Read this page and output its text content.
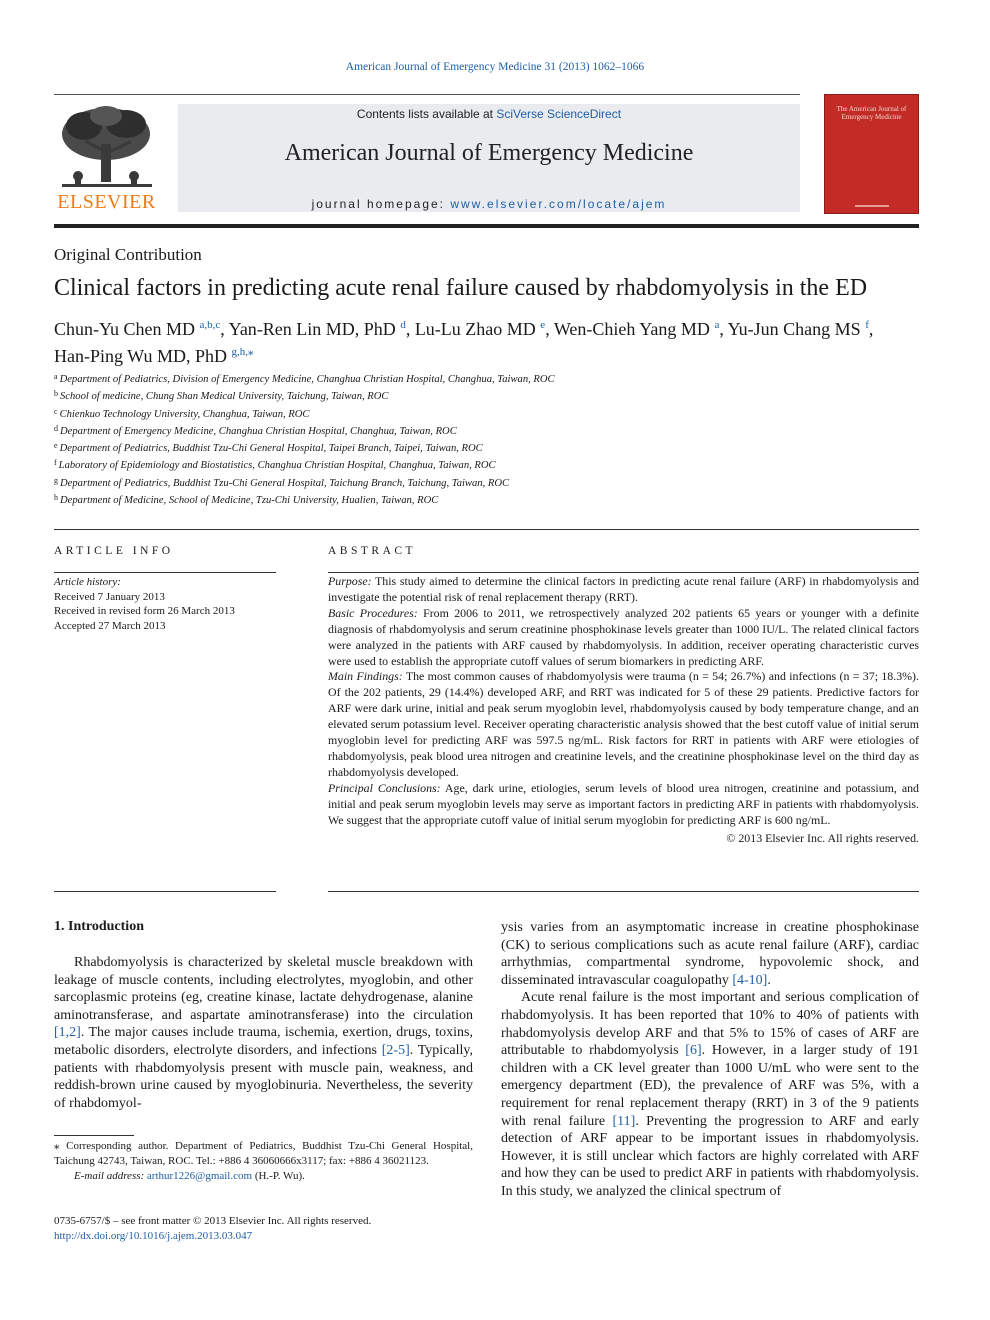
American Journal of Emergency Medicine 31 (2013) 1062–1066
ELSEVIER
Contents lists available at SciVerse ScienceDirect
American Journal of Emergency Medicine
journal homepage: www.elsevier.com/locate/ajem
The American Journal of Emergency Medicine
Original Contribution
Clinical factors in predicting acute renal failure caused by rhabdomyolysis in the ED
Chun-Yu Chen MD $^{a,b,c}$, Yan-Ren Lin MD, PhD $^d$, Lu-Lu Zhao MD $^e$, Wen-Chieh Yang MD $^a$, Yu-Jun Chang MS $^f$,
Han-Ping Wu MD, PhD $^{g,h,⁎}$
$^a$ Department of Pediatrics, Division of Emergency Medicine, Changhua Christian Hospital, Changhua, Taiwan, ROC
$^b$ School of medicine, Chung Shan Medical University, Taichung, Taiwan, ROC
$^c$ Chienkuo Technology University, Changhua, Taiwan, ROC
$^d$ Department of Emergency Medicine, Changhua Christian Hospital, Changhua, Taiwan, ROC
$^e$ Department of Pediatrics, Buddhist Tzu-Chi General Hospital, Taipei Branch, Taipei, Taiwan, ROC
$^f$ Laboratory of Epidemiology and Biostatistics, Changhua Christian Hospital, Changhua, Taiwan, ROC
$^g$ Department of Pediatrics, Buddhist Tzu-Chi General Hospital, Taichung Branch, Taichung, Taiwan, ROC
$^h$ Department of Medicine, School of Medicine, Tzu-Chi University, Hualien, Taiwan, ROC
ARTICLE INFO
Article history:
Received 7 January 2013
Received in revised form 26 March 2013
Accepted 27 March 2013
ABSTRACT

Purpose: This study aimed to determine the clinical factors in predicting acute renal failure (ARF) in rhabdomyolysis and investigate the potential risk of renal replacement therapy (RRT).

Basic Procedures: From 2006 to 2011, we retrospectively analyzed 202 patients 65 years or younger with a definite diagnosis of rhabdomyolysis and serum creatinine phosphokinase levels greater than 1000 IU/L. The related clinical factors were analyzed in the patients with ARF caused by rhabdomyolysis. In addition, receiver operating characteristic curves were used to establish the appropriate cutoff values of serum biomarkers in predicting ARF.

Main Findings: The most common causes of rhabdomyolysis were trauma (n = 54; 26.7%) and infections (n = 37; 18.3%). Of the 202 patients, 29 (14.4%) developed ARF, and RRT was indicated for 5 of these 29 patients. Predictive factors for ARF were dark urine, initial and peak serum myoglobin level, rhabdomyolysis caused by body temperature change, and an elevated serum potassium level. Receiver operating characteristic analysis showed that the best cutoff value of initial serum myoglobin level for predicting ARF was 597.5 ng/mL. Risk factors for RRT in patients with ARF were etiologies of rhabdomyolysis, peak blood urea nitrogen and creatinine levels, and the creatinine phosphokinase level on the third day as rhabdomyolysis developed.

Principal Conclusions: Age, dark urine, etiologies, serum levels of blood urea nitrogen, creatinine and potassium, and initial and peak serum myoglobin levels may serve as important factors in predicting ARF in patients with rhabdomyolysis. We suggest that the appropriate cutoff value of initial serum myoglobin for predicting ARF is 600 ng/mL.

© 2013 Elsevier Inc. All rights reserved.

1. Introduction

Rhabdomyolysis is characterized by skeletal muscle breakdown with leakage of muscle contents, including electrolytes, myoglobin, and other sarcoplasmic proteins (eg, creatine kinase, lactate dehydrogenase, alanine aminotransferase, and aspartate aminotransferase) into the circulation [1,2]. The major causes include trauma, ischemia, exertion, drugs, toxins, metabolic disorders, electrolyte disorders, and infections [2-5]. Typically, patients with rhabdomyolysis present with muscle pain, weakness, and reddish-brown urine caused by myoglobinuria. Nevertheless, the severity of rhabdomyol-

ysis varies from an asymptomatic increase in creatine phosphokinase (CK) to serious complications such as acute renal failure (ARF), cardiac arrhythmias, compartmental syndrome, hypovolemic shock, and disseminated intravascular coagulopathy [4-10].

Acute renal failure is the most important and serious complication of rhabdomyolysis. It has been reported that 10% to 40% of patients with rhabdomyolysis develop ARF and that 5% to 15% of cases of ARF are attributable to rhabdomyolysis [6]. However, in a larger study of 191 children with a CK level greater than 1000 U/mL who were sent to the emergency department (ED), the prevalence of ARF was 5%, with a requirement for renal replacement therapy (RRT) in 3 of the 9 patients with renal failure [11]. Preventing the progression to ARF and early detection of ARF appear to be important issues in rhabdomyolysis. However, it is still unclear which factors are highly correlated with ARF and how they can be used to predict ARF in patients with rhabdomyolysis. In this study, we analyzed the clinical spectrum of

⁎ Corresponding author. Department of Pediatrics, Buddhist Tzu-Chi General Hospital, Taichung 42743, Taiwan, ROC. Tel.: +886 4 36060666x3117; fax: +886 4 36021123.

E-mail address: arthur1226@gmail.com (H.-P. Wu).

0735-6757/$ – see front matter © 2013 Elsevier Inc. All rights reserved.
http://dx.doi.org/10.1016/j.ajem.2013.03.047
